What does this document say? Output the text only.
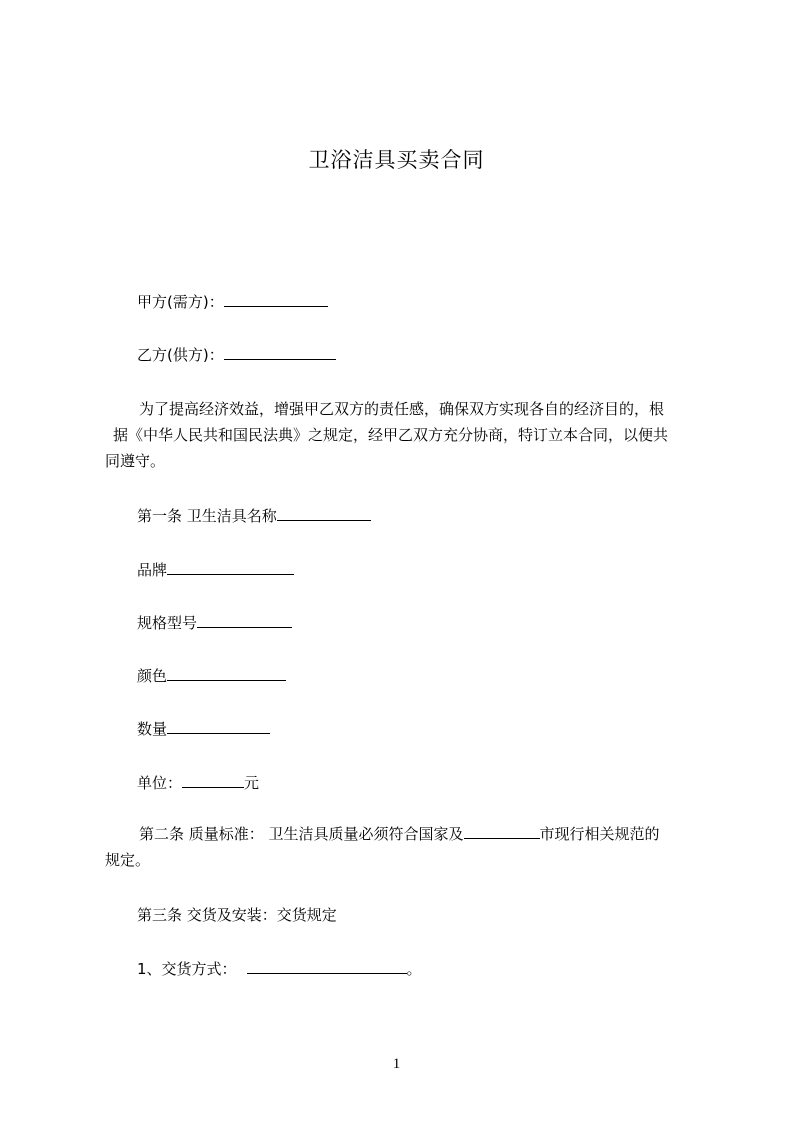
卫浴洁具买卖合同
甲方(需方)：
乙方(供方)：
为了提高经济效益，增强甲乙双方的责任感，确保双方实现各自的经济目的，根
据《中华人民共和国民法典》之规定，经甲乙双方充分协商，特订立本合同，以便共
同遵守。
第一条 卫生洁具名称
品牌
规格型号
颜色
数量
单位：	元
第二条 质量标准： 卫生洁具质量必须符合国家及	市现行相关规范的
规定。
第三条 交货及安装：交货规定
1、交货方式：	。
1
